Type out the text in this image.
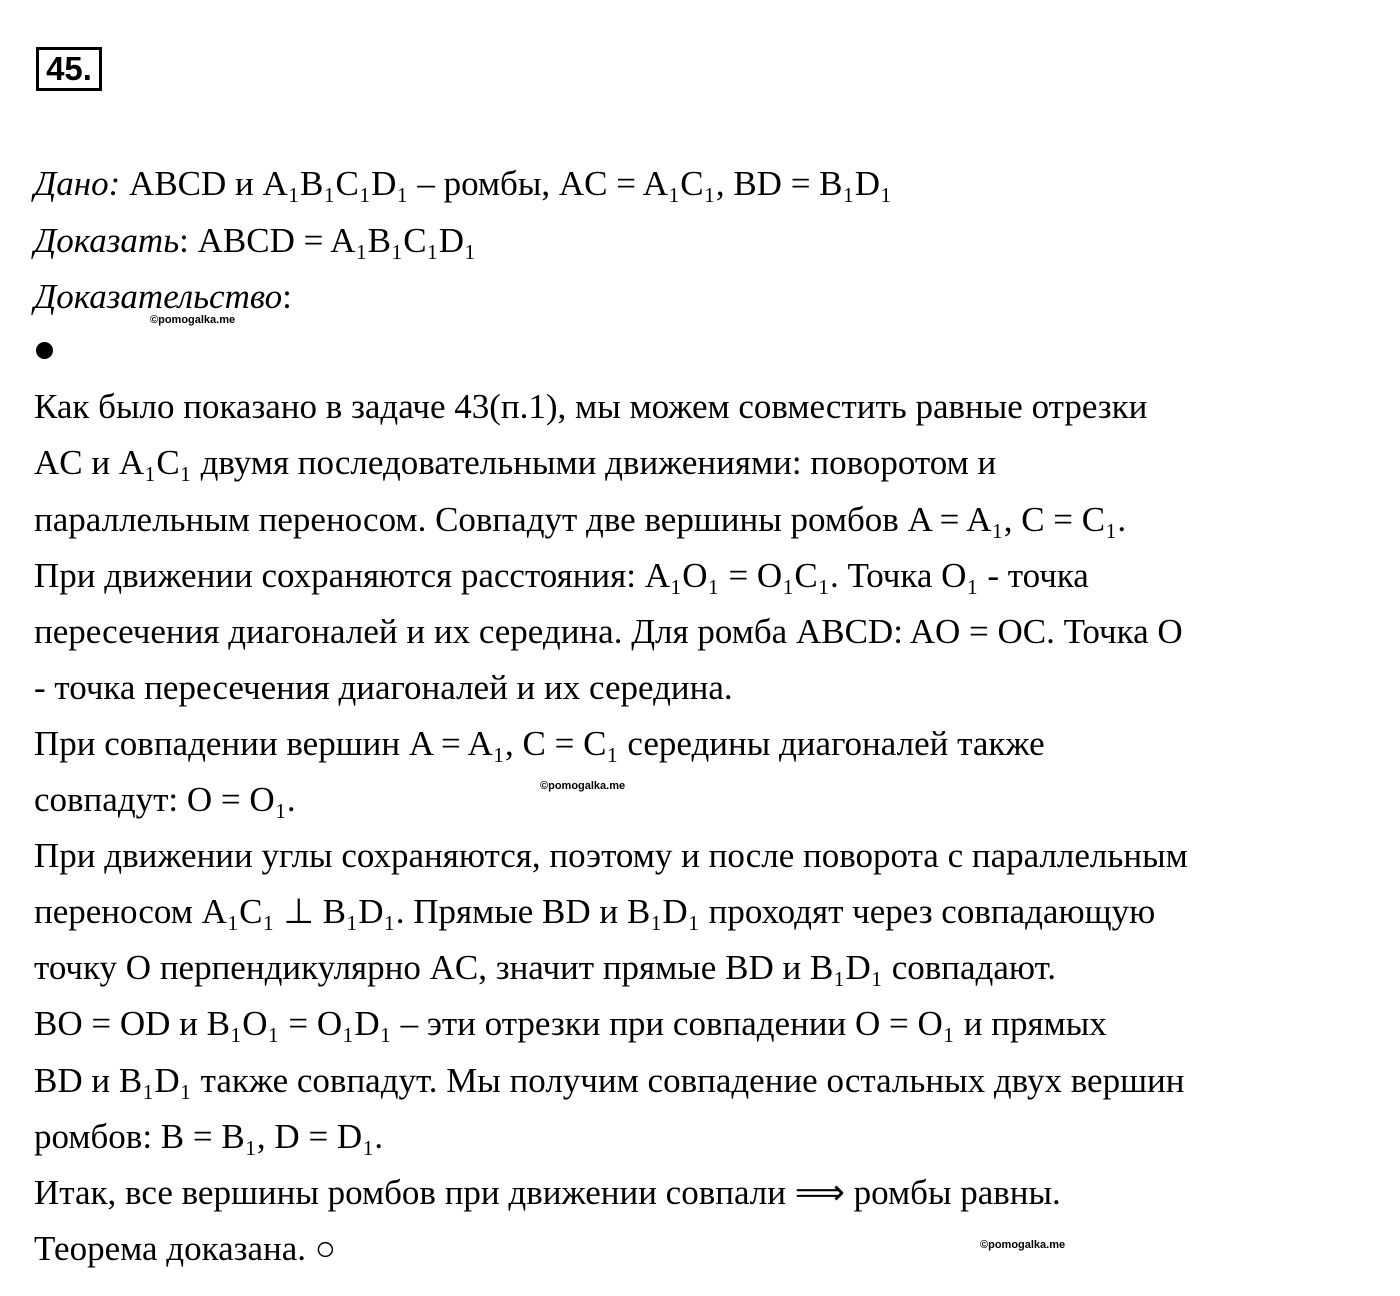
45.
Дано: ABCD и A₁B₁C₁D₁ – ромбы, AC = A₁C₁, BD = B₁D₁
Доказать: ABCD = A₁B₁C₁D₁
Доказательство:
©pomogalka.me
Как было показано в задаче 43(п.1), мы можем совместить равные отрезки
AC и A₁C₁ двумя последовательными движениями: поворотом и
параллельным переносом. Совпадут две вершины ромбов A = A₁, C = C₁.
При движении сохраняются расстояния: A₁O₁ = O₁C₁. Точка O₁ - точка
пересечения диагоналей и их середина. Для ромба ABCD: AO = OC. Точка O
- точка пересечения диагоналей и их середина.
При совпадении вершин A = A₁, C = C₁ середины диагоналей также
совпадут: O = O₁.	©pomogalka.me
При движении углы сохраняются, поэтому и после поворота с параллельным
переносом A₁C₁ ⊥ B₁D₁. Прямые BD и B₁D₁ проходят через совпадающую
точку O перпендикулярно AC, значит прямые BD и B₁D₁ совпадают.
BO = OD и B₁O₁ = O₁D₁ – эти отрезки при совпадении O = O₁ и прямых
BD и B₁D₁ также совпадут. Мы получим совпадение остальных двух вершин
ромбов: B = B₁, D = D₁.
Итак, все вершины ромбов при движении совпали ⟹ ромбы равны.
Теорема доказана. ○	©pomogalka.me
